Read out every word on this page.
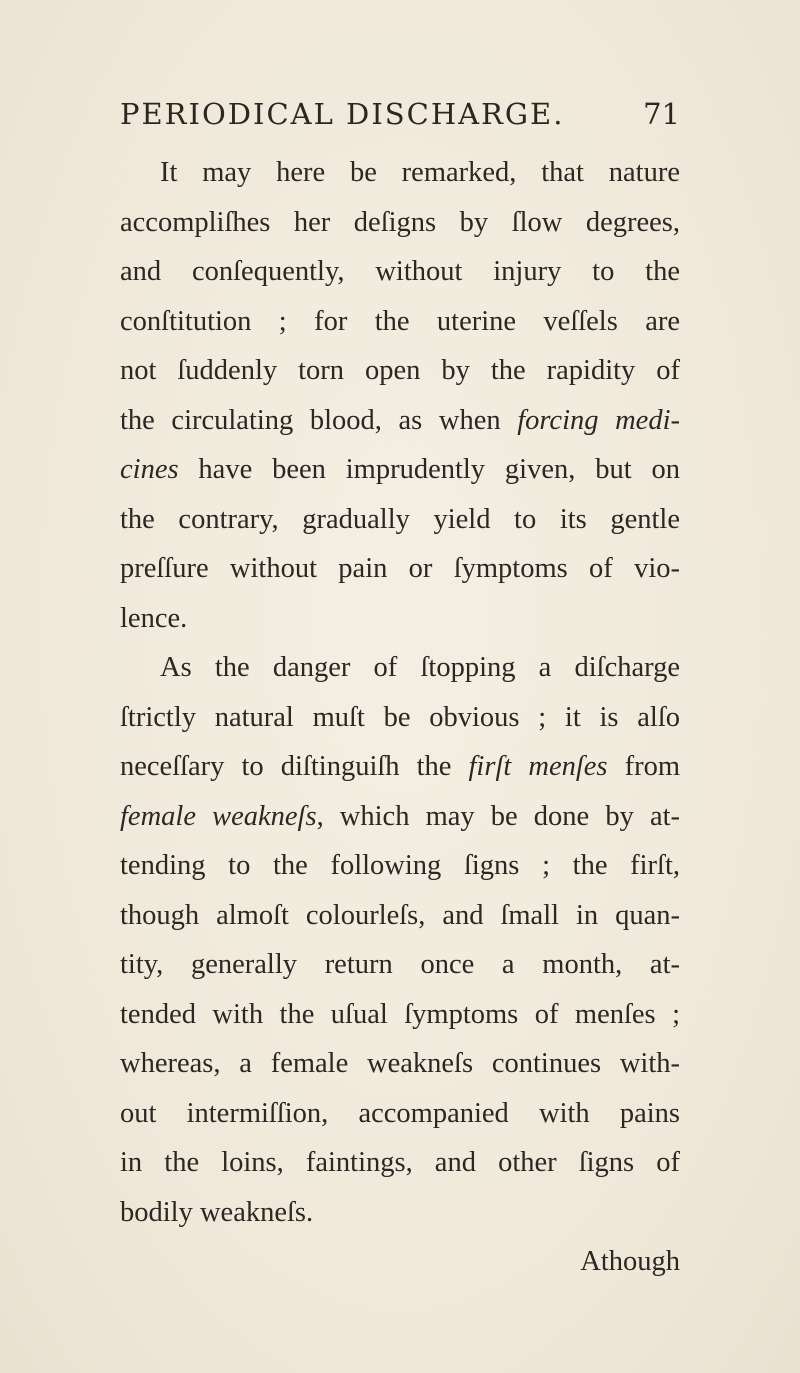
PERIODICAL DISCHARGE.	71
It may here be remarked, that nature
accompliſhes her deſigns by ſlow degrees,
and conſequently, without injury to the
conſtitution ; for the uterine veſſels are
not ſuddenly torn open by the rapidity of
the circulating blood, as when forcing medi-
cines have been imprudently given, but on
the contrary, gradually yield to its gentle
preſſure without pain or ſymptoms of vio-
lence.
As the danger of ſtopping a diſcharge
ſtrictly natural muſt be obvious ; it is alſo
neceſſary to diſtinguiſh the firſt menſes from
female weakneſs, which may be done by at-
tending to the following ſigns ; the firſt,
though almoſt colourleſs, and ſmall in quan-
tity, generally return once a month, at-
tended with the uſual ſymptoms of menſes ;
whereas, a female weakneſs continues with-
out intermiſſion, accompanied with pains
in the loins, faintings, and other ſigns of
bodily weakneſs.
Athough
